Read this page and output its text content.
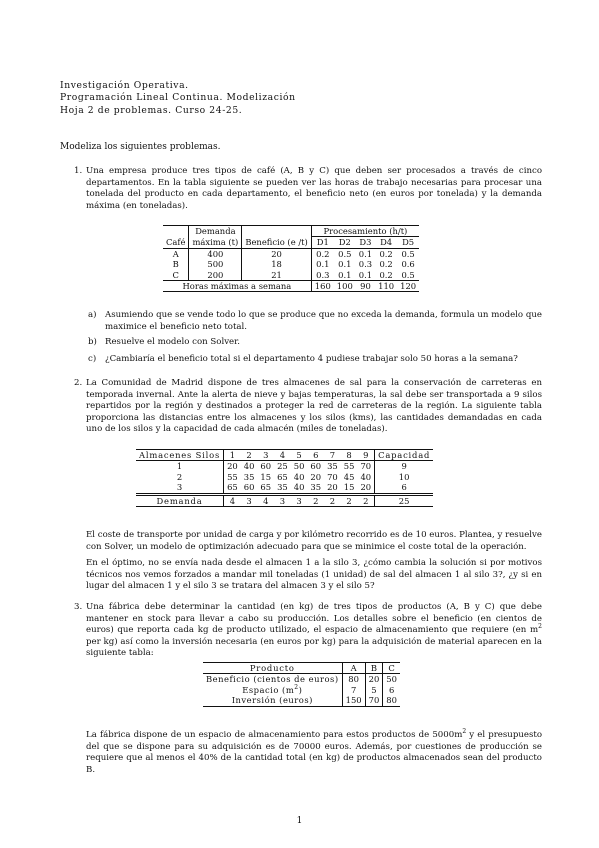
Investigación Operativa.
Programación Lineal Continua. Modelización
Hoja 2 de problemas. Curso 24-25.
Modeliza los siguientes problemas.
1. Una empresa produce tres tipos de café (A, B y C) que deben ser procesados a través de cinco departamentos. En la tabla siguiente se pueden ver las horas de trabajo necesarias para procesar una tonelada del producto en cada departamento, el beneficio neto (en euros por tonelada) y la demanda máxima (en toneladas).
	Demanda		Procesamiento (h/t)				
Café	máxima (t)	Beneficio (e /t)	D1	D2	D3	D4	D5
A	400	20	0.2	0.5	0.1	0.2	0.5
B	500	18	0.1	0.1	0.3	0.2	0.6
C	200	21	0.3	0.1	0.1	0.2	0.5
Horas máximas a semana			160	100	90	110	120
a) Asumiendo que se vende todo lo que se produce que no exceda la demanda, formula un modelo que maximice el beneficio neto total.
b) Resuelve el modelo con Solver.
c) ¿Cambiaría el beneficio total si el departamento 4 pudiese trabajar solo 50 horas a la semana?
2. La Comunidad de Madrid dispone de tres almacenes de sal para la conservación de carreteras en temporada invernal. Ante la alerta de nieve y bajas temperaturas, la sal debe ser transportada a 9 silos repartidos por la región y destinados a proteger la red de carreteras de la región. La siguiente tabla proporciona las distancias entre los almacenes y los silos (kms), las cantidades demandadas en cada uno de los silos y la capacidad de cada almacén (miles de toneladas).
Almacenes Silos	1	2	3	4	5	6	7	8	9	Capacidad
1	20	40	60	25	50	60	35	55	70	9
2	55	35	15	65	40	20	70	45	40	10
3	65	60	65	35	40	35	20	15	20	6
Demanda	4	3	4	3	3	2	2	2	2	25
El coste de transporte por unidad de carga y por kilómetro recorrido es de 10 euros. Plantea, y resuelve con Solver, un modelo de optimización adecuado para que se minimice el coste total de la operación.
En el óptimo, no se envía nada desde el almacen 1 a la silo 3, ¿cómo cambia la solución si por motivos técnicos nos vemos forzados a mandar mil toneladas (1 unidad) de sal del almacen 1 al silo 3?, ¿y si en lugar del almacen 1 y el silo 3 se tratara del almacen 3 y el silo 5?
3. Una fábrica debe determinar la cantidad (en kg) de tres tipos de productos (A, B y C) que debe mantener en stock para llevar a cabo su producción. Los detalles sobre el beneficio (en cientos de euros) que reporta cada kg de producto utilizado, el espacio de almacenamiento que requiere (en $m^2$ per kg) así como la inversión necesaria (en euros por kg) para la adquisición de material aparecen en la siguiente tabla:
Producto	A	B	C
Beneficio (cientos de euros)	80	20	50
Espacio $(m^2)$	7	5	6
Inversión (euros)	150	70	80
La fábrica dispone de un espacio de almacenamiento para estos productos de $5000m^2$ y el presupuesto del que se dispone para su adquisición es de 70000 euros. Además, por cuestiones de producción se requiere que al menos el 40% de la cantidad total (en kg) de productos almacenados sean del producto B.
1
